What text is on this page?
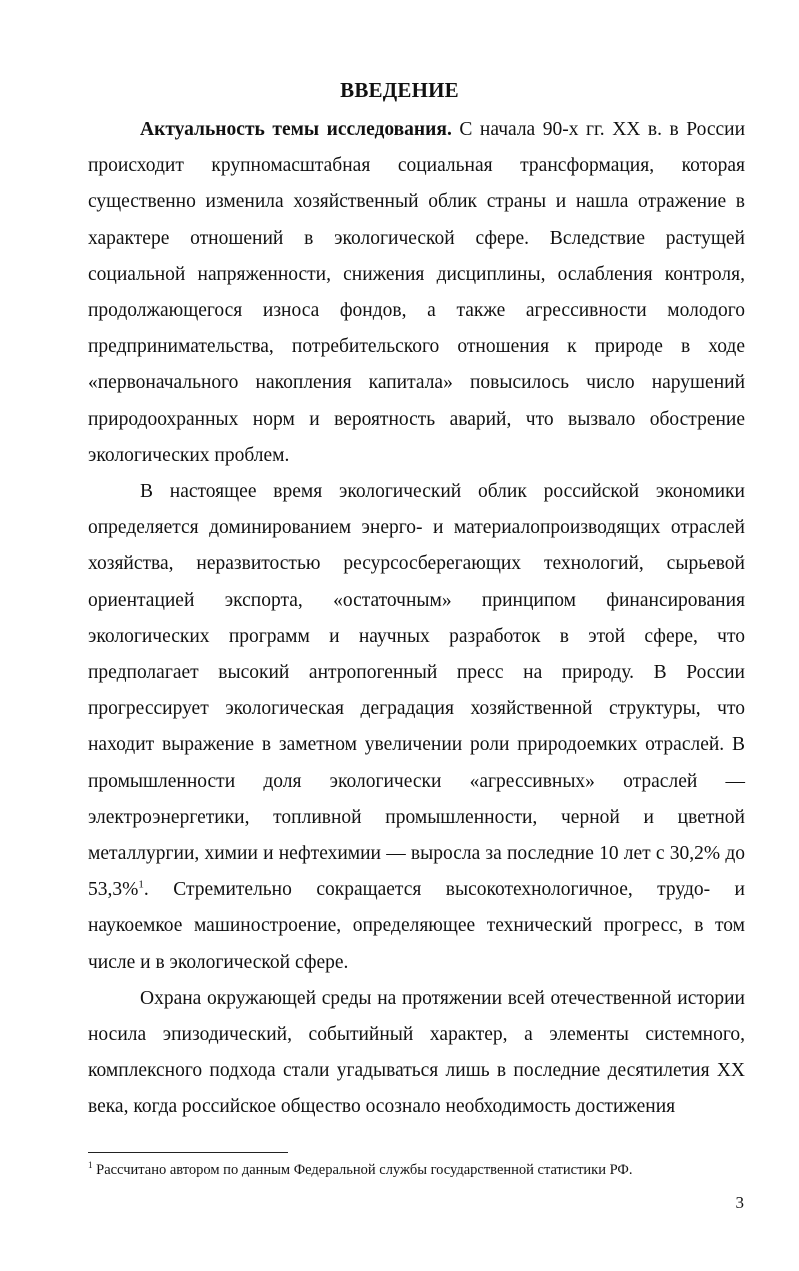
ВВЕДЕНИЕ

Актуальность темы исследования. С начала 90-х гг. XX в. в России происходит крупномасштабная социальная трансформация, которая существенно изменила хозяйственный облик страны и нашла отражение в характере отношений в экологической сфере. Вследствие растущей социальной напряженности, снижения дисциплины, ослабления контроля, продолжающегося износа фондов, а также агрессивности молодого предпринимательства, потребительского отношения к природе в ходе «первоначального накопления капитала» повысилось число нарушений природоохранных норм и вероятность аварий, что вызвало обострение экологических проблем.

В настоящее время экологический облик российской экономики определяется доминированием энерго- и материалопроизводящих отраслей хозяйства, неразвитостью ресурсосберегающих технологий, сырьевой ориентацией экспорта, «остаточным» принципом финансирования экологических программ и научных разработок в этой сфере, что предполагает высокий антропогенный пресс на природу. В России прогрессирует экологическая деградация хозяйственной структуры, что находит выражение в заметном увеличении роли природоемких отраслей. В промышленности доля экологически «агрессивных» отраслей — электроэнергетики, топливной промышленности, черной и цветной металлургии, химии и нефтехимии — выросла за последние 10 лет с 30,2% до 53,3%$^1$. Стремительно сокращается высокотехнологичное, трудо- и наукоемкое машиностроение, определяющее технический прогресс, в том числе и в экологической сфере.

Охрана окружающей среды на протяжении всей отечественной истории носила эпизодический, событийный характер, а элементы системного, комплексного подхода стали угадываться лишь в последние десятилетия XX века, когда российское общество осознало необходимость достижения

$^1$ Рассчитано автором по данным Федеральной службы государственной статистики РФ.
3
